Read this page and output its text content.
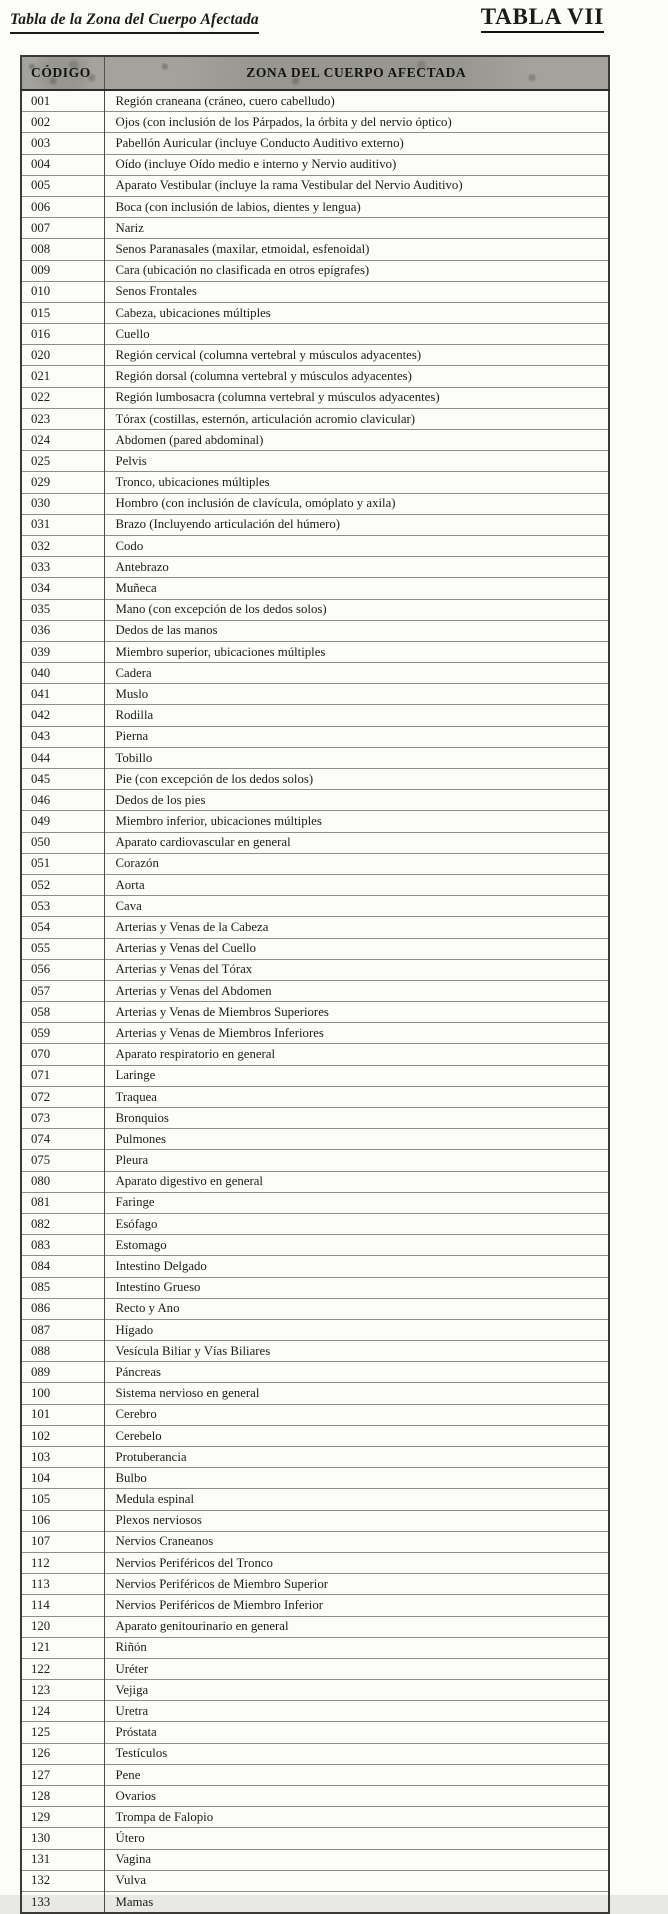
Tabla de la Zona del Cuerpo Afectada	TABLA VII
CÓDIGO	ZONA DEL CUERPO AFECTADA
001	Región craneana (cráneo, cuero cabelludo)
002	Ojos (con inclusión de los Párpados, la órbita y del nervio óptico)
003	Pabellón Auricular (incluye Conducto Auditivo externo)
004	Oído (incluye Oído medio e interno y Nervio auditivo)
005	Aparato Vestibular (incluye la rama Vestibular del Nervio Auditivo)
006	Boca (con inclusión de labios, dientes y lengua)
007	Nariz
008	Senos Paranasales (maxilar, etmoidal, esfenoidal)
009	Cara (ubicación no clasificada en otros epígrafes)
010	Senos Frontales
015	Cabeza, ubicaciones múltiples
016	Cuello
020	Región cervical (columna vertebral y músculos adyacentes)
021	Región dorsal (columna vertebral y músculos adyacentes)
022	Región lumbosacra (columna vertebral y músculos adyacentes)
023	Tórax (costillas, esternón, articulación acromio clavicular)
024	Abdomen (pared abdominal)
025	Pelvis
029	Tronco, ubicaciones múltiples
030	Hombro (con inclusión de clavícula, omóplato y axila)
031	Brazo (Incluyendo articulación del húmero)
032	Codo
033	Antebrazo
034	Muñeca
035	Mano (con excepción de los dedos solos)
036	Dedos de las manos
039	Miembro superior, ubicaciones múltiples
040	Cadera
041	Muslo
042	Rodilla
043	Pierna
044	Tobillo
045	Pie (con excepción de los dedos solos)
046	Dedos de los pies
049	Miembro inferior, ubicaciones múltiples
050	Aparato cardiovascular en general
051	Corazón
052	Aorta
053	Cava
054	Arterias y Venas de la Cabeza
055	Arterias y Venas del Cuello
056	Arterias y Venas del Tórax
057	Arterias y Venas del Abdomen
058	Arterias y Venas de Miembros Superiores
059	Arterias y Venas de Miembros Inferiores
070	Aparato respiratorio en general
071	Laringe
072	Traquea
073	Bronquios
074	Pulmones
075	Pleura
080	Aparato digestivo en general
081	Faringe
082	Esófago
083	Estomago
084	Intestino Delgado
085	Intestino Grueso
086	Recto y Ano
087	Hígado
088	Vesícula Biliar y Vías Biliares
089	Páncreas
100	Sistema nervioso en general
101	Cerebro
102	Cerebelo
103	Protuberancia
104	Bulbo
105	Medula espinal
106	Plexos nerviosos
107	Nervios Craneanos
112	Nervios Periféricos del Tronco
113	Nervios Periféricos de Miembro Superior
114	Nervios Periféricos de Miembro Inferior
120	Aparato genitourinario en general
121	Riñón
122	Uréter
123	Vejiga
124	Uretra
125	Próstata
126	Testículos
127	Pene
128	Ovarios
129	Trompa de Falopio
130	Útero
131	Vagina
132	Vulva
133	Mamas
